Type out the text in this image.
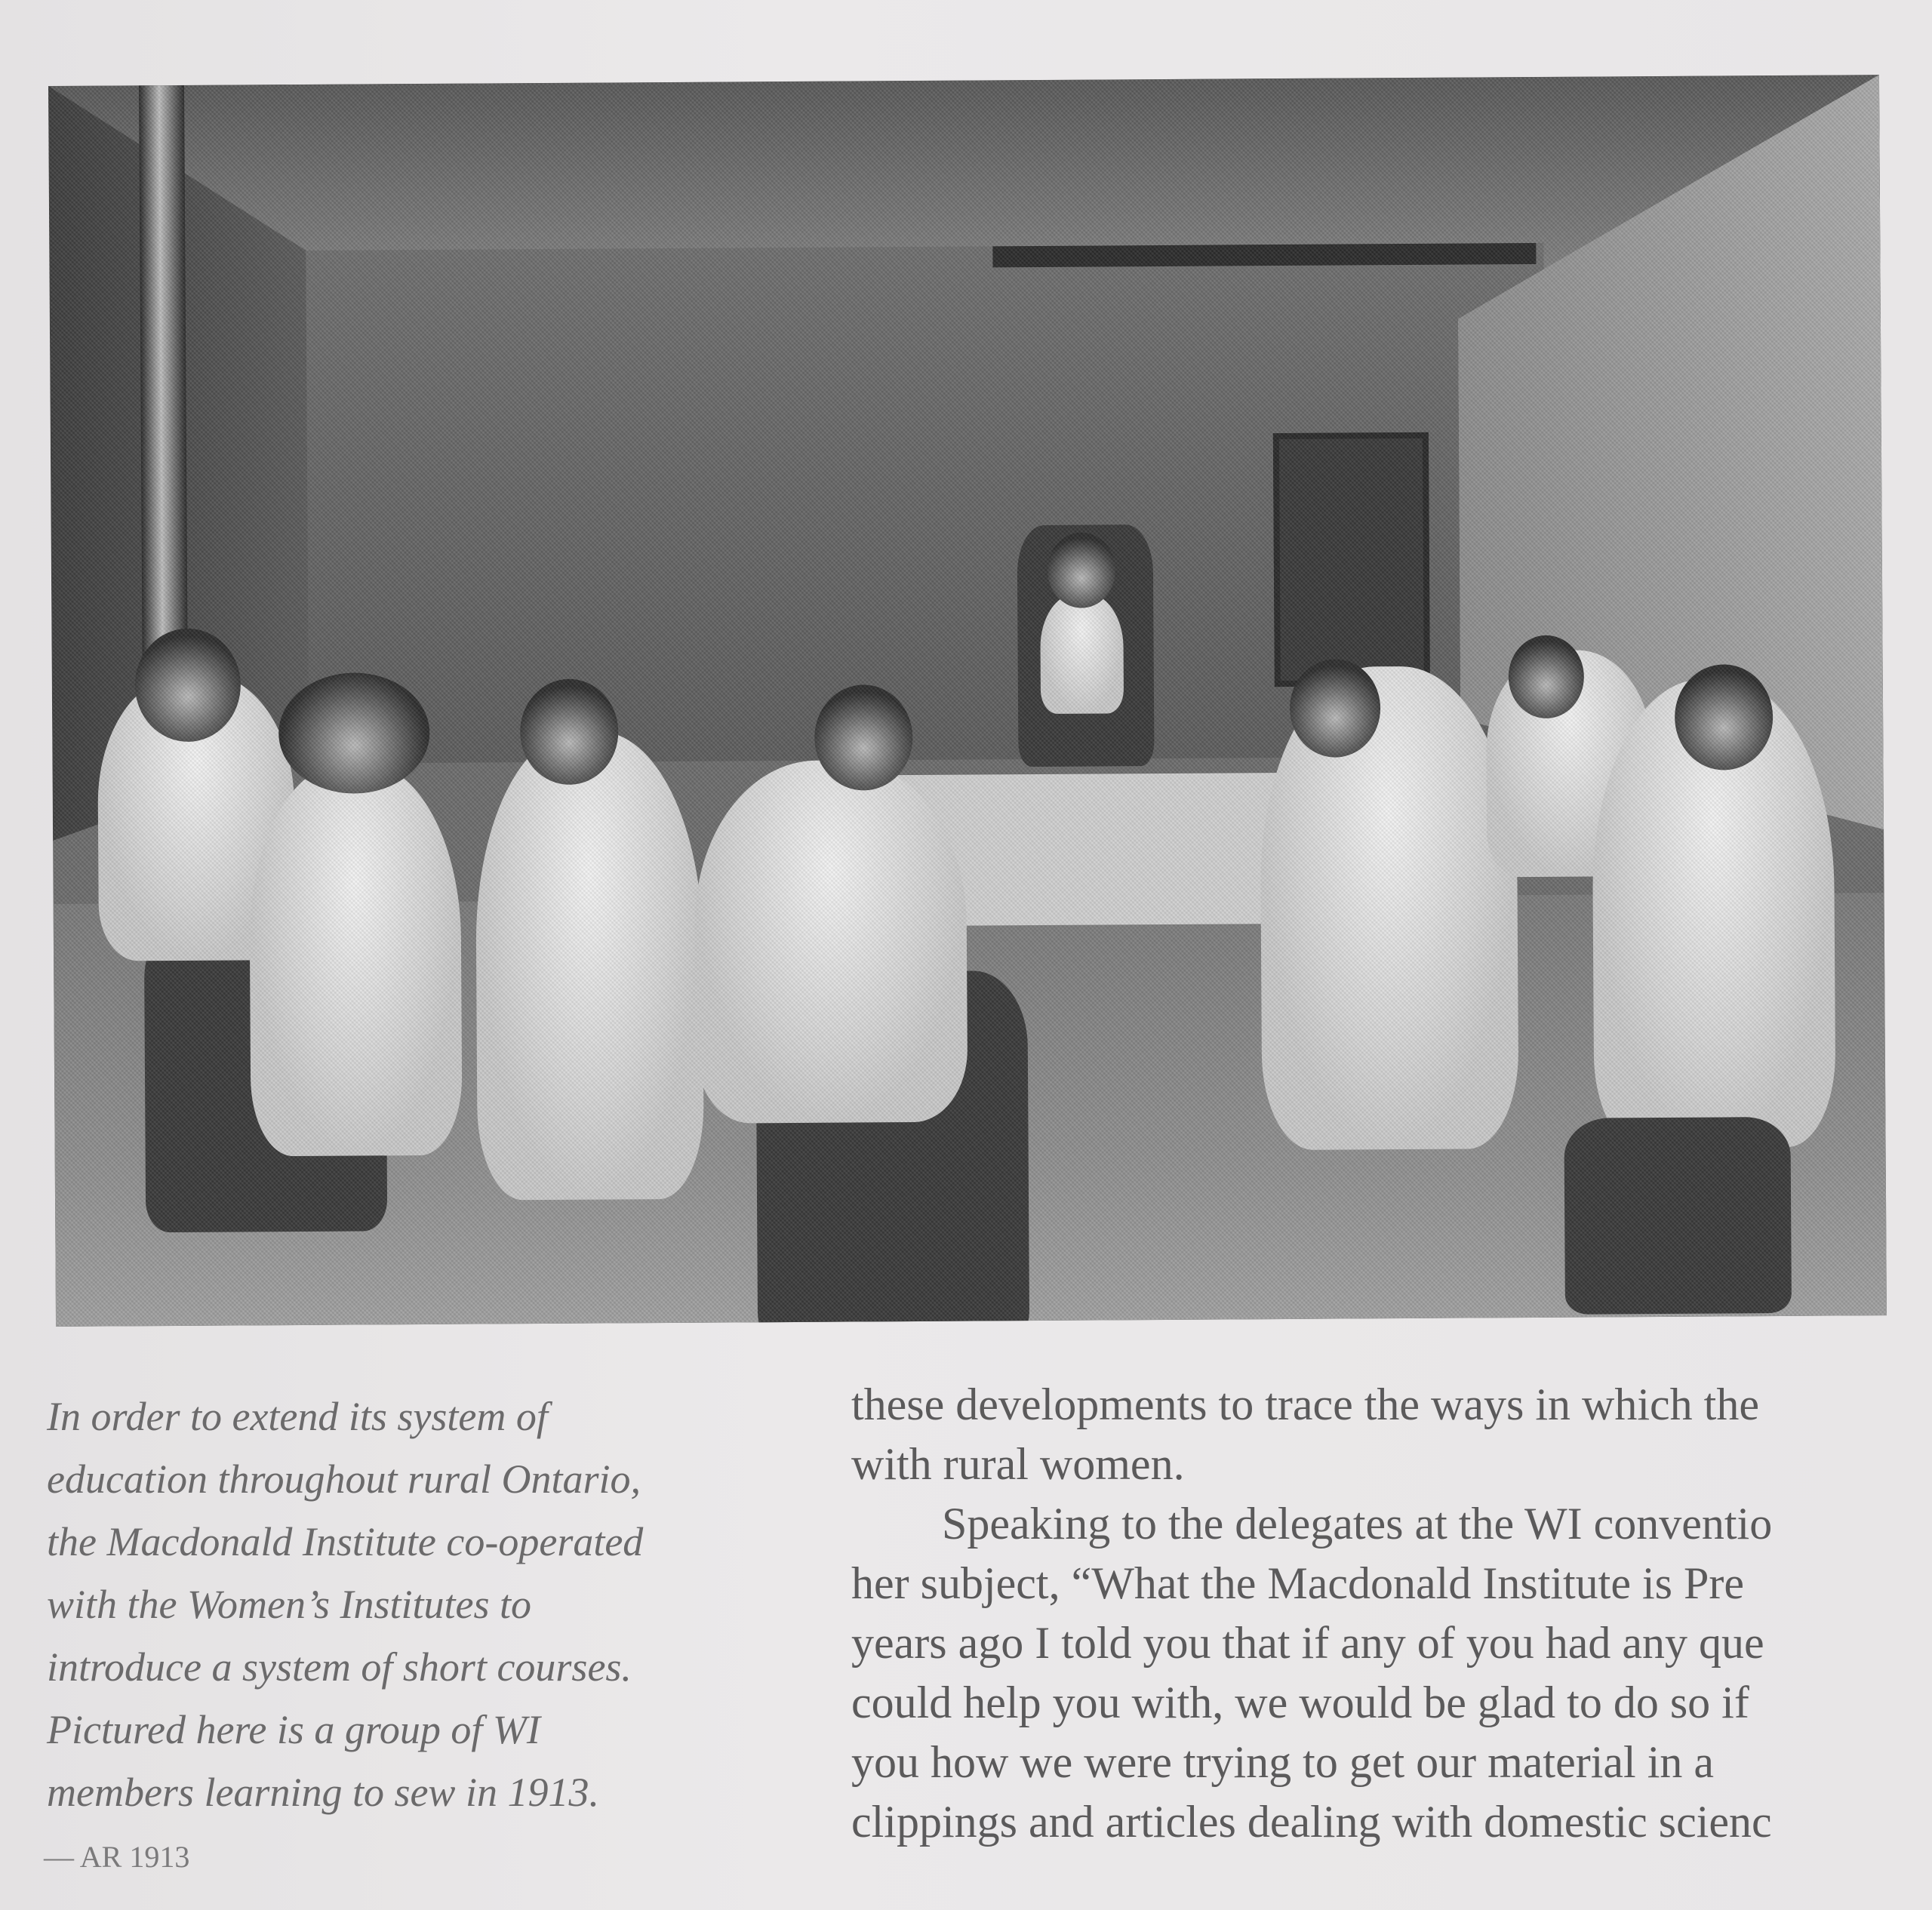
In order to extend its system of

education throughout rural Ontario,

the Macdonald Institute co-operated

with the Women’s Institutes to

introduce a system of short courses.

Pictured here is a group of WI

members learning to sew in 1913.

— AR 1913

these developments to trace the ways in which the

with rural women.

Speaking to the delegates at the WI conventio

her subject, “What the Macdonald Institute is Pre

years ago I told you that if any of you had any que

could help you with, we would be glad to do so if

you how we were trying to get our material in a

clippings and articles dealing with domestic scienc
